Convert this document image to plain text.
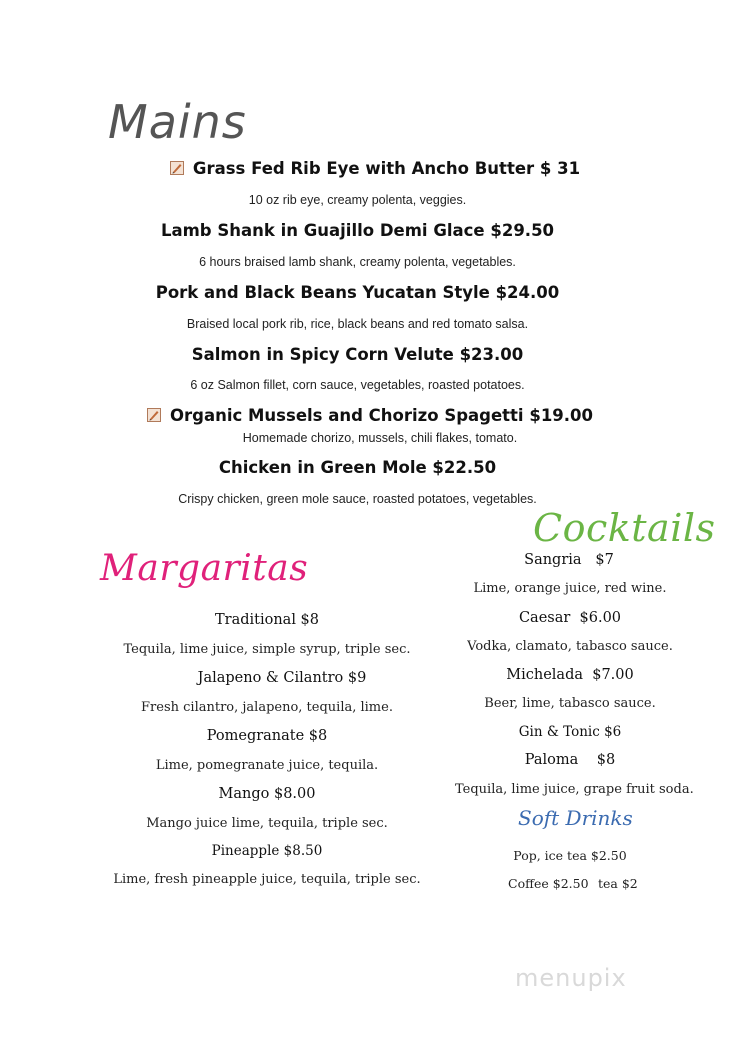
Mains
Grass Fed Rib Eye with Ancho Butter $ 31
10 oz rib eye, creamy polenta, veggies.
Lamb Shank in Guajillo Demi Glace $29.50
6 hours braised lamb shank, creamy polenta, vegetables.
Pork and Black Beans Yucatan Style $24.00
Braised local pork rib, rice, black beans and red tomato salsa.
Salmon in Spicy Corn Velute $23.00
6 oz Salmon fillet, corn sauce, vegetables, roasted potatoes.
Organic Mussels and Chorizo Spagetti $19.00
Homemade chorizo, mussels, chili flakes, tomato.
Chicken in Green Mole $22.50
Crispy chicken, green mole sauce, roasted potatoes, vegetables.
Margaritas
Traditional $8
Tequila, lime juice, simple syrup, triple sec.
Jalapeno & Cilantro $9
Fresh cilantro, jalapeno, tequila, lime.
Pomegranate $8
Lime, pomegranate juice, tequila.
Mango $8.00
Mango juice lime, tequila, triple sec.
Pineapple $8.50
Lime, fresh pineapple juice, tequila, triple sec.
Cocktails
Sangria   $7
Lime, orange juice, red wine.
Caesar  $6.00
Vodka, clamato, tabasco sauce.
Michelada  $7.00
Beer, lime, tabasco sauce.
Gin & Tonic $6
Paloma    $8
Tequila, lime juice, grape fruit soda.
Soft Drinks
Pop, ice tea $2.50
Coffee $2.50 tea $2
menupix
